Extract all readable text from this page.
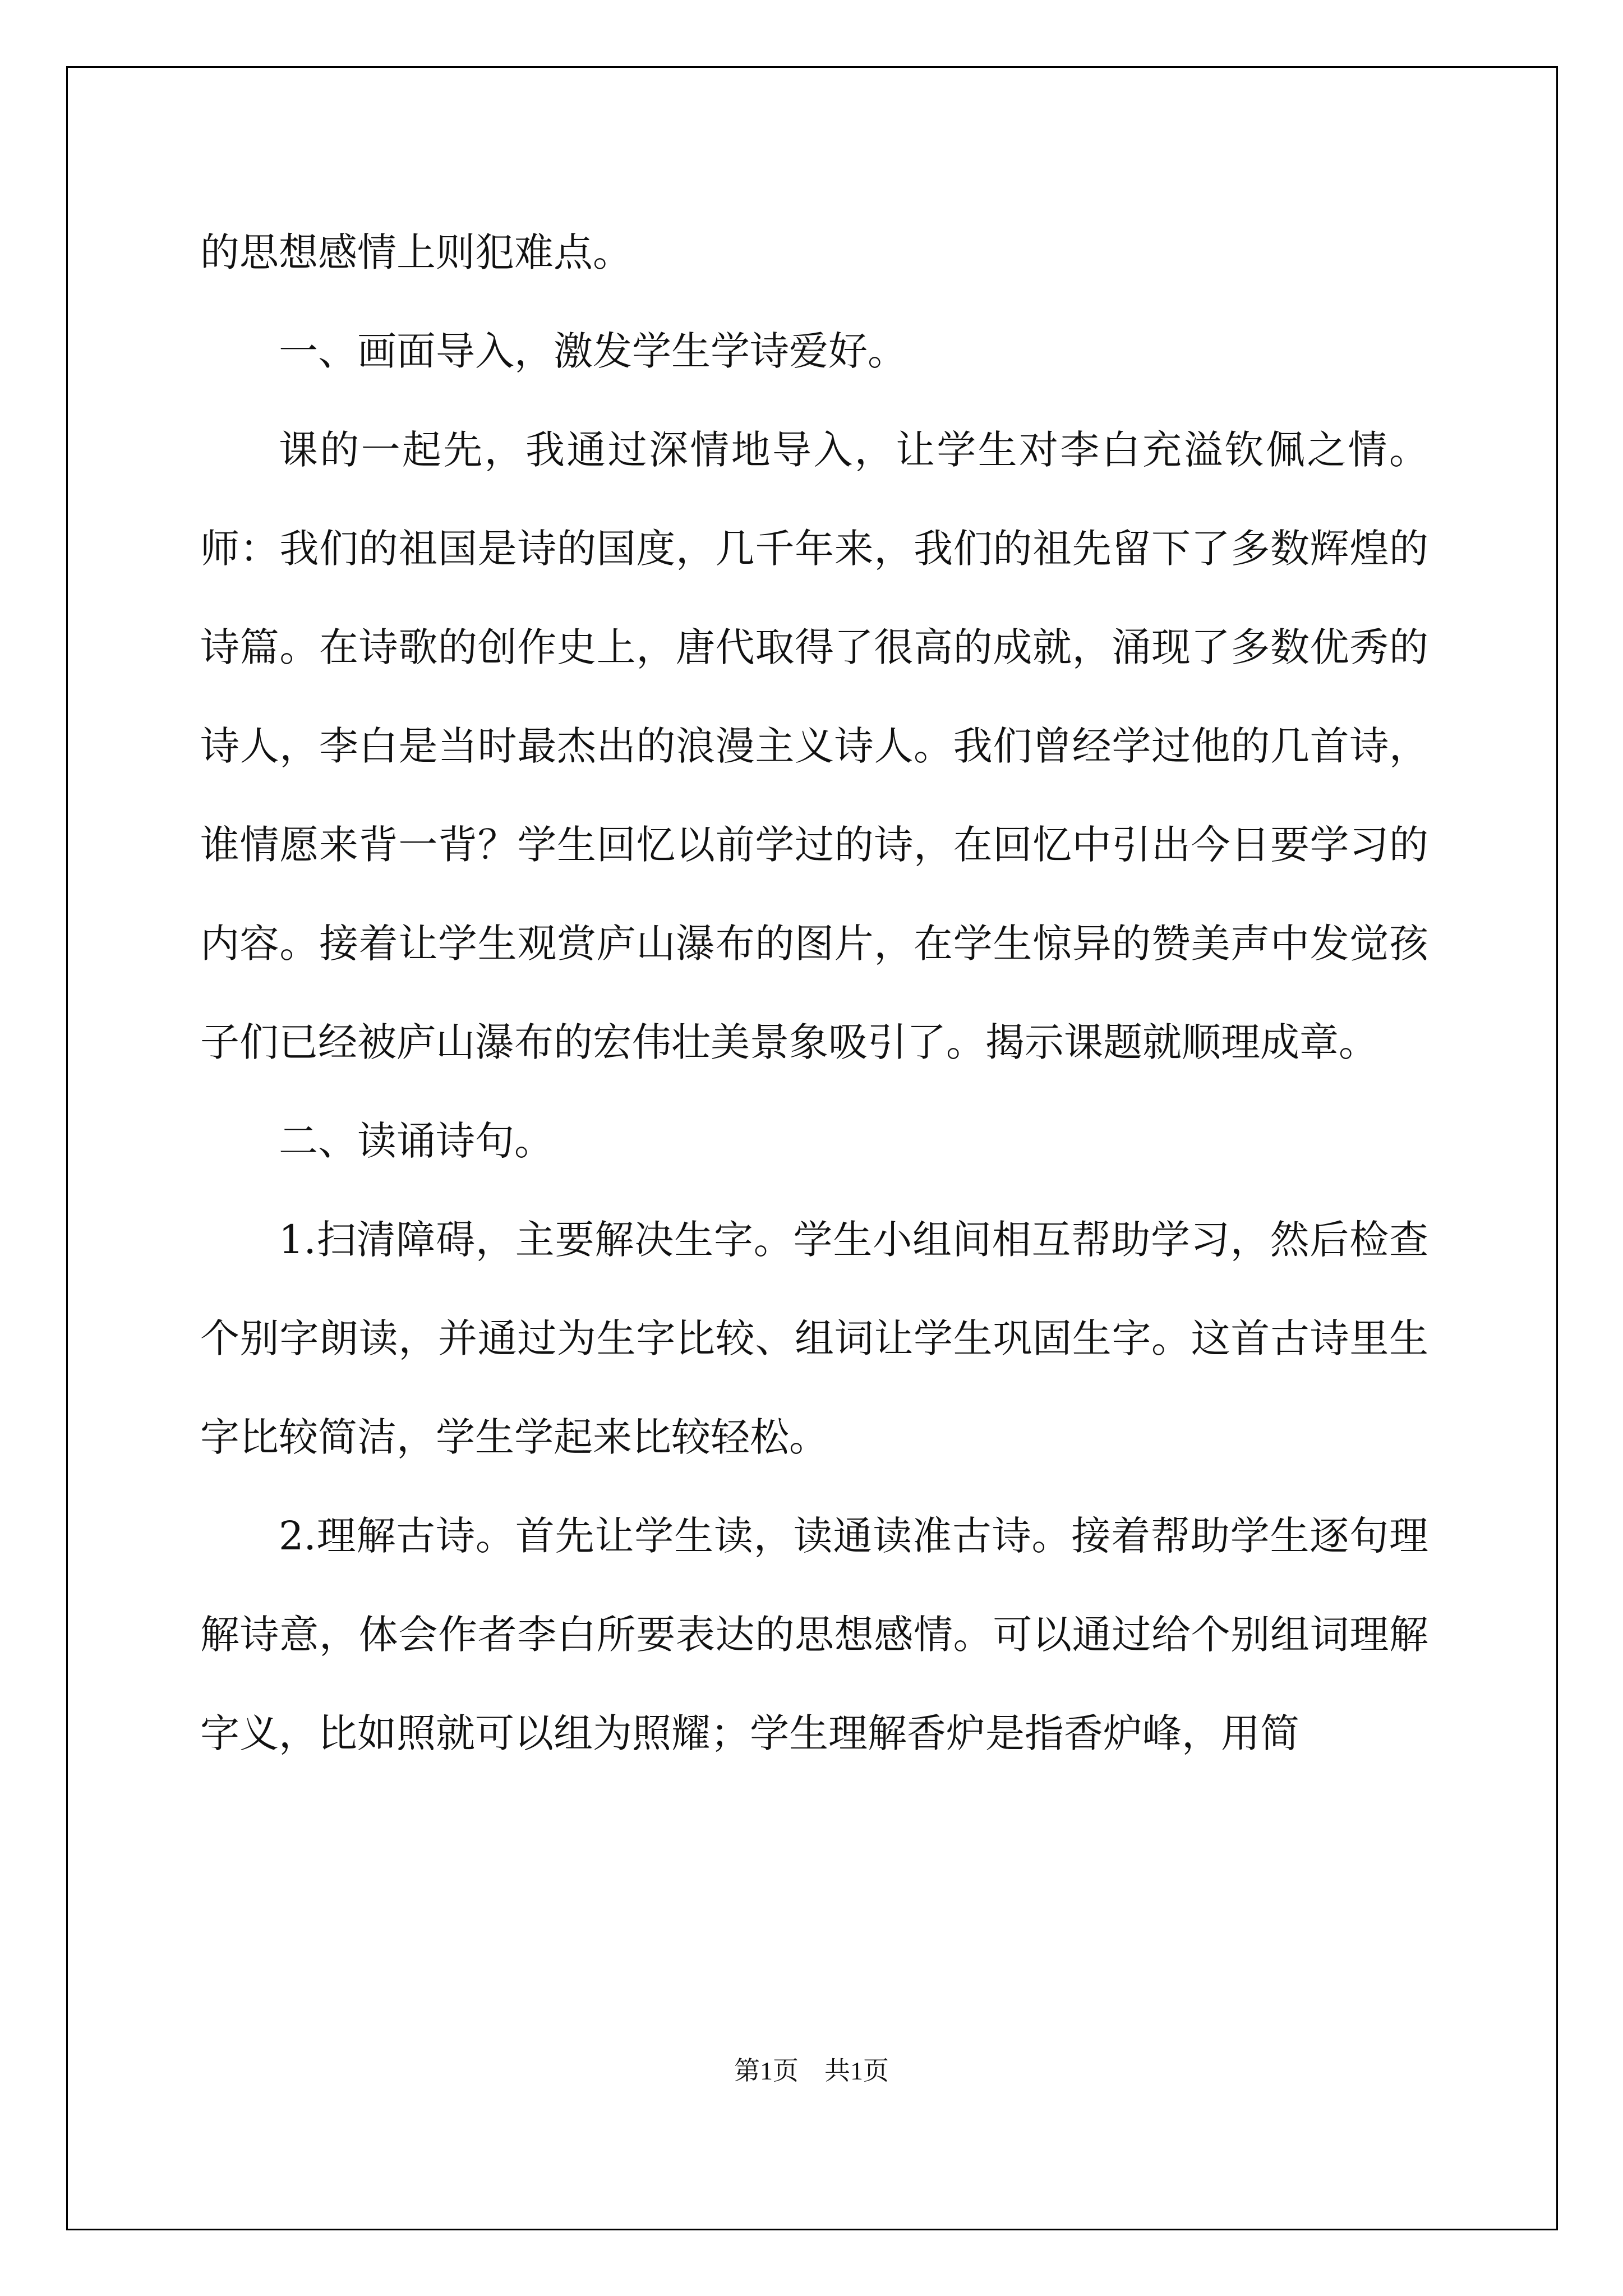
的思想感情上则犯难点。

一、画面导入，激发学生学诗爱好。

课的一起先，我通过深情地导入，让学生对李白充溢钦佩之情。师：我们的祖国是诗的国度，几千年来，我们的祖先留下了多数辉煌的诗篇。在诗歌的创作史上，唐代取得了很高的成就，涌现了多数优秀的诗人，李白是当时最杰出的浪漫主义诗人。我们曾经学过他的几首诗，谁情愿来背一背？学生回忆以前学过的诗，在回忆中引出今日要学习的内容。接着让学生观赏庐山瀑布的图片，在学生惊异的赞美声中发觉孩子们已经被庐山瀑布的宏伟壮美景象吸引了。揭示课题就顺理成章。

二、读诵诗句。

1.扫清障碍，主要解决生字。学生小组间相互帮助学习，然后检查个别字朗读，并通过为生字比较、组词让学生巩固生字。这首古诗里生字比较简洁，学生学起来比较轻松。

2.理解古诗。首先让学生读，读通读准古诗。接着帮助学生逐句理解诗意，体会作者李白所要表达的思想感情。可以通过给个别组词理解字义，比如照就可以组为照耀；学生理解香炉是指香炉峰，用简

第1页　共1页
